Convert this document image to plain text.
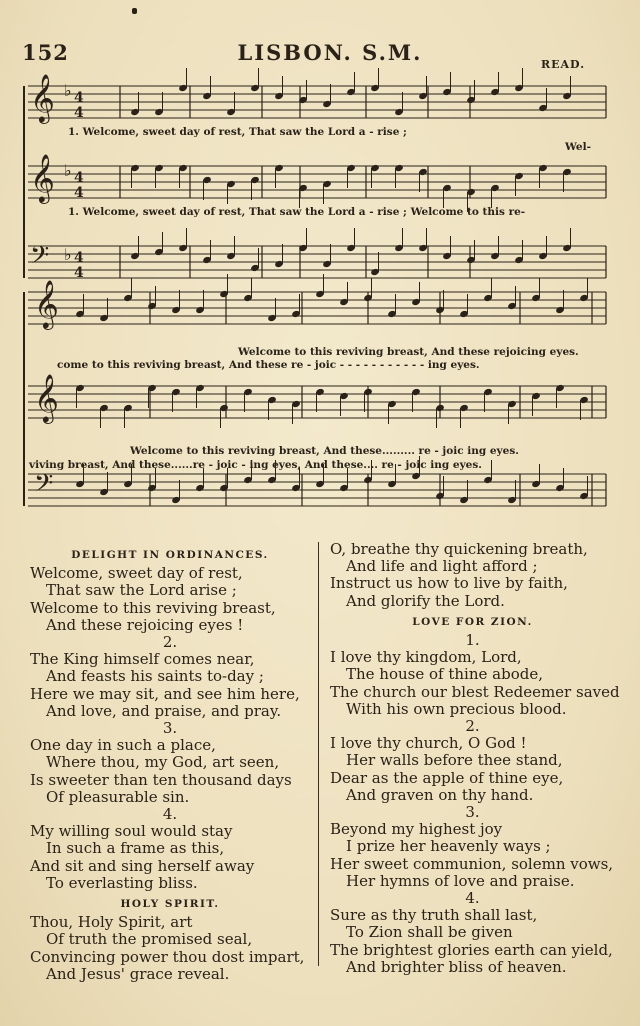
152	LISBON. S.M.	READ.
𝄞 ♭ 4
4
𝄞 ♭ 4
4
𝄢 ♭ 4
4
𝄞
𝄞
𝄢
1. Welcome, sweet day of rest, That saw the Lord a - rise ;
Wel-
1. Welcome, sweet day of rest, That saw the Lord a - rise ; Welcome to this re-
Welcome to this reviving breast, And these rejoicing eyes.
come to this reviving breast, And these re - joic - - - - - - - - - - - ing eyes.
Welcome to this reviving breast, And these......... re - joic ing eyes.
viving breast, And these......re - joic - ing eyes, And these.... re - joic ing eyes.
DELIGHT IN ORDINANCES.
Welcome, sweet day of rest,
That saw the Lord arise ;
Welcome to this reviving breast,
And these rejoicing eyes !
2.
The King himself comes near,
And feasts his saints to-day ;
Here we may sit, and see him here,
And love, and praise, and pray.
3.
One day in such a place,
Where thou, my God, art seen,
Is sweeter than ten thousand days
Of pleasurable sin.
4.
My willing soul would stay
In such a frame as this,
And sit and sing herself away
To everlasting bliss.
HOLY SPIRIT.
Thou, Holy Spirit, art
Of truth the promised seal,
Convincing power thou dost impart,
And Jesus' grace reveal.
O, breathe thy quickening breath,
And life and light afford ;
Instruct us how to live by faith,
And glorify the Lord.
LOVE FOR ZION.
1.
I love thy kingdom, Lord,
The house of thine abode,
The church our blest Redeemer saved
With his own precious blood.
2.
I love thy church, O God !
Her walls before thee stand,
Dear as the apple of thine eye,
And graven on thy hand.
3.
Beyond my highest joy
I prize her heavenly ways ;
Her sweet communion, solemn vows,
Her hymns of love and praise.
4.
Sure as thy truth shall last,
To Zion shall be given
The brightest glories earth can yield,
And brighter bliss of heaven.
